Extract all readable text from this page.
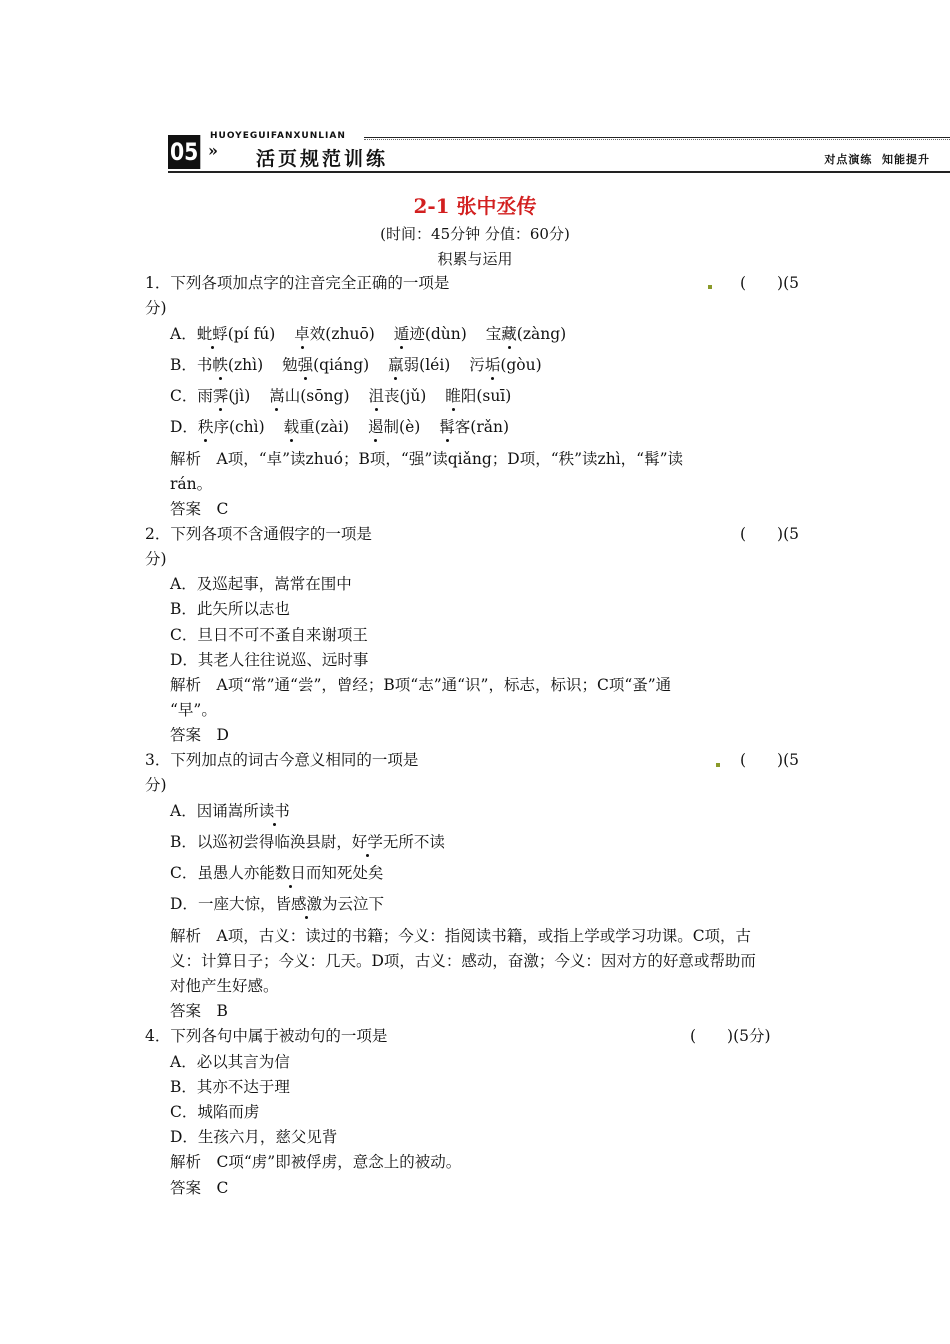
HUOYEGUIFANXUNLIAN
05 » 活页规范训练	对点演练  知能提升
2-1 张中丞传
(时间：45分钟 分值：60分)
积累与运用
1．下列各项加点字的注音完全正确的一项是	(　　)(5
分)
A．蚍蜉(pí fú) 卓效(zhuō) 遁迹(dùn) 宝藏(zàng)
B．书帙(zhì) 勉强(qiáng) 羸弱(léi) 污垢(gòu)
C．雨霁(jì) 嵩山(sōng) 沮丧(jǔ) 睢阳(suī)
D．秩序(chì) 载重(zài) 遏制(è) 髯客(rǎn)
解析　A项，“卓”读zhuó；B项，“强”读qiǎng；D项，“秩”读zhì，“髯”读
rán。
答案　C
2．下列各项不含通假字的一项是	(　　)(5
分)
A．及巡起事，嵩常在围中
B．此矢所以志也
C．旦日不可不蚤自来谢项王
D．其老人往往说巡、远时事
解析　A项“常”通“尝”，曾经；B项“志”通“识”，标志，标识；C项“蚤”通
“早”。
答案　D
3．下列加点的词古今意义相同的一项是	(　　)(5
分)
A．因诵嵩所读书
B．以巡初尝得临涣县尉，好学无所不读
C．虽愚人亦能数日而知死处矣
D．一座大惊，皆感激为云泣下
解析　A项，古义：读过的书籍；今义：指阅读书籍，或指上学或学习功课。C项，古
义：计算日子；今义：几天。D项，古义：感动，奋激；今义：因对方的好意或帮助而
对他产生好感。
答案　B
4．下列各句中属于被动句的一项是	(　　)(5分)
A．必以其言为信
B．其亦不达于理
C．城陷而虏
D．生孩六月，慈父见背
解析　C项“虏”即被俘虏，意念上的被动。
答案　C
